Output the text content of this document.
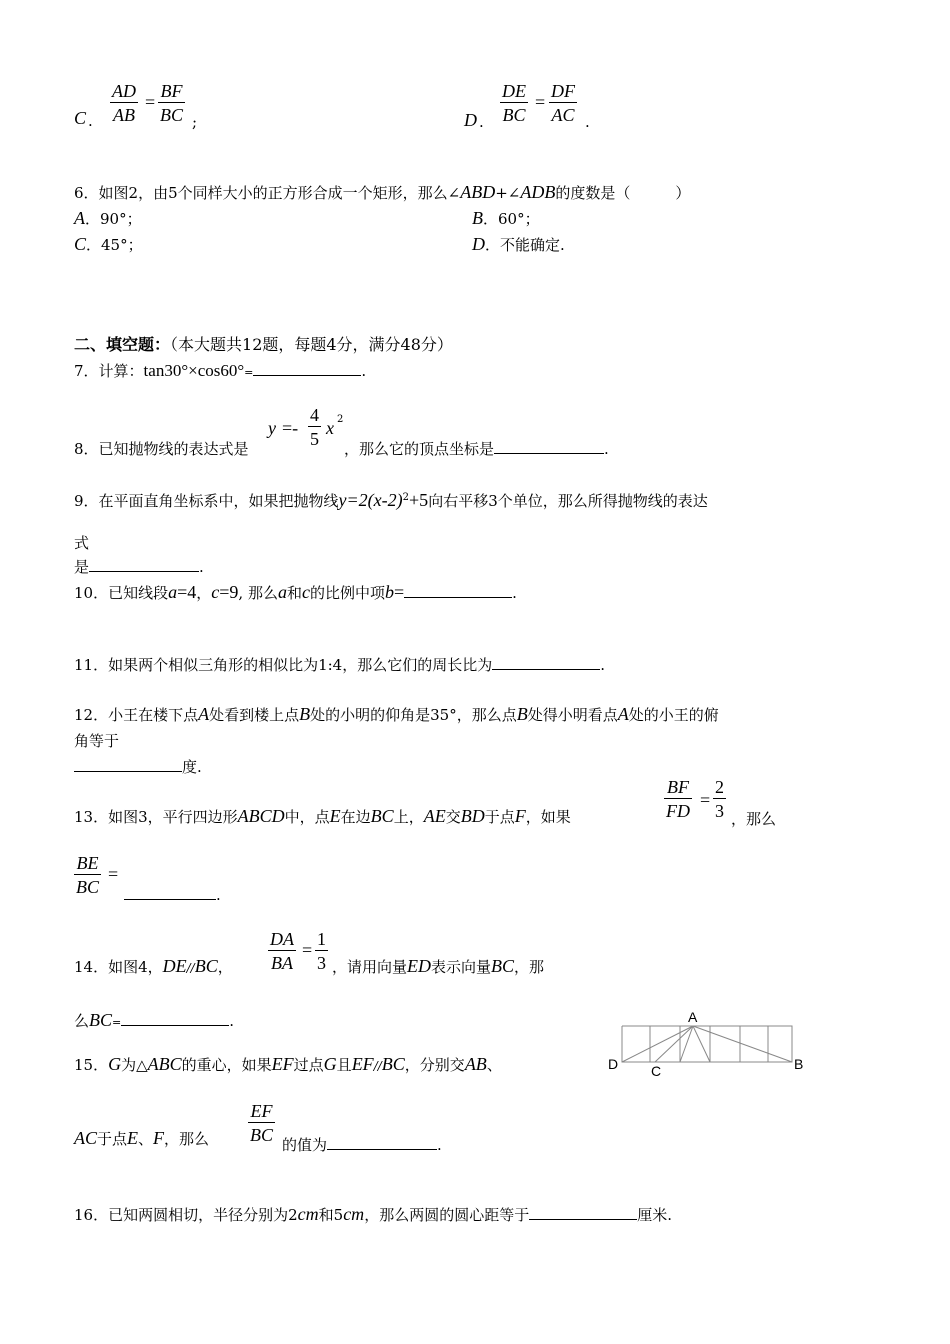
C . $\frac{AD}{AB} = \frac{BF}{BC}$ ;	D . $\frac{DE}{BC} = \frac{DF}{AC}$ .
6．如图2，由5个同样大小的正方形合成一个矩形，那么∠ABD+∠ADB的度数是（　　　）
A．90°；	B．60°；
C．45°；	D．不能确定.
二、填空题：（本大题共12题，每题4分，满分48分）
7．计算：tan30°×cos60°=	.
8．已知抛物线的表达式是
$y =- \frac{4}{5}$ x 2
，那么它的顶点坐标是	.
9．在平面直角坐标系中，如果把抛物线$y=2(x-2)^2+5$向右平移3个单位，那么所得抛物线的表达
式
是	.
10．已知线段a=4，c=9, 那么a和c的比例中项b=	.
11．如果两个相似三角形的相似比为1:4，那么它们的周长比为	.
12．小王在楼下点A处看到楼上点B处的小明的仰角是35°，那么点B处得小明看点A处的小王的俯
角等于
度.
13．如图3，平行四边形ABCD中，点E在边BC上，AE交BD于点F，如果	$\frac{BF}{FD} = \frac{2}{3}$ ，那么
$\frac{BE}{BC}$ =
.
14．如图4，DE//BC， $\frac{DA}{BA} = \frac{1}{3}$ ，请用向量ED表示向量BC，那
么BC=	.	A
B
C
D
15．G为△ABC的重心，如果EF过点G且EF//BC，分别交AB、
AC于点E、F，那么 $\frac{EF}{BC}$ 的值为	.
16．已知两圆相切，半径分别为2cm和5cm，那么两圆的圆心距等于	厘米.
